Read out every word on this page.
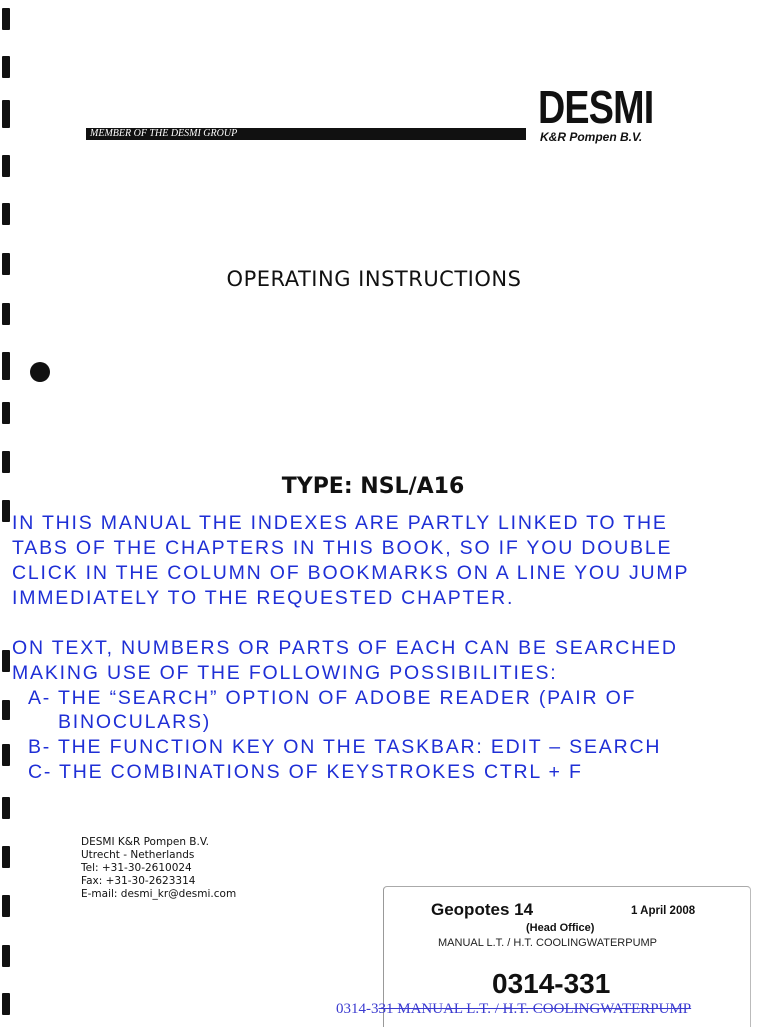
DESMI
K&R Pompen B.V.
MEMBER OF THE DESMI GROUP
OPERATING INSTRUCTIONS
TYPE: NSL/A16
IN THIS MANUAL THE INDEXES ARE PARTLY LINKED TO THE
TABS OF THE CHAPTERS IN THIS BOOK, SO IF YOU DOUBLE
CLICK IN THE COLUMN OF BOOKMARKS ON A LINE YOU JUMP
IMMEDIATELY TO THE REQUESTED CHAPTER.
ON TEXT, NUMBERS OR PARTS OF EACH CAN BE SEARCHED
MAKING USE OF THE FOLLOWING POSSIBILITIES:
A- THE “SEARCH” OPTION OF ADOBE READER (PAIR OF
BINOCULARS)
B- THE FUNCTION KEY ON THE TASKBAR: EDIT – SEARCH
C- THE COMBINATIONS OF KEYSTROKES CTRL + F
DESMI K&R Pompen B.V.
Utrecht - Netherlands
Tel: +31-30-2610024
Fax: +31-30-2623314
E-mail: desmi_kr@desmi.com
Geopotes 14	1 April 2008
(Head Office)
MANUAL L.T. / H.T. COOLINGWATERPUMP
0314-331
0314-331 MANUAL L.T. / H.T. COOLINGWATERPUMP
